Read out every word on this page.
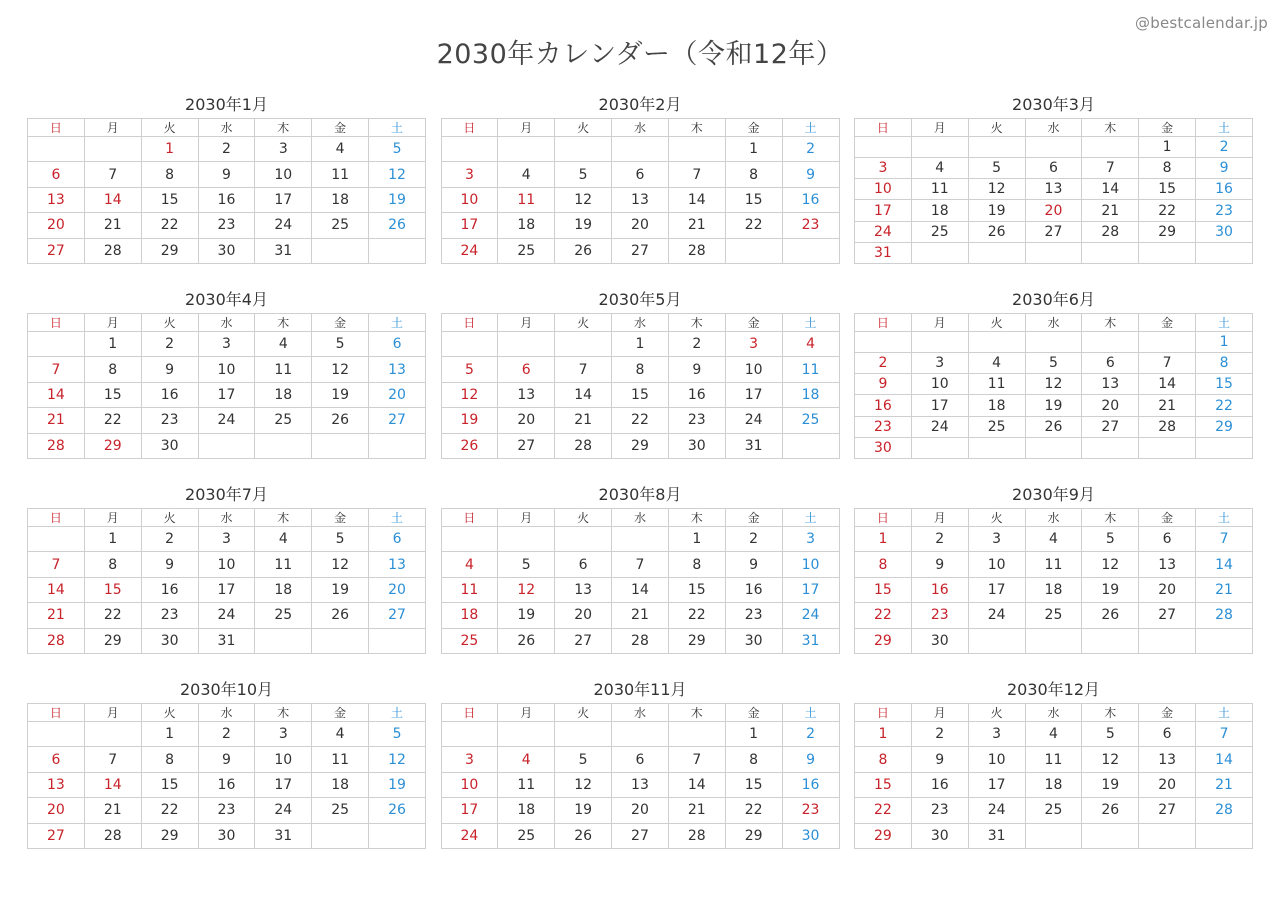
@bestcalendar.jp
2030年カレンダー（令和12年）
2030年1月
日	月	火	水	木	金	土
		1	2	3	4	5
6	7	8	9	10	11	12
13	14	15	16	17	18	19
20	21	22	23	24	25	26
27	28	29	30	31		
2030年2月
日	月	火	水	木	金	土
					1	2
3	4	5	6	7	8	9
10	11	12	13	14	15	16
17	18	19	20	21	22	23
24	25	26	27	28		
2030年3月
日	月	火	水	木	金	土
					1	2
3	4	5	6	7	8	9
10	11	12	13	14	15	16
17	18	19	20	21	22	23
24	25	26	27	28	29	30
31						
2030年4月
日	月	火	水	木	金	土
	1	2	3	4	5	6
7	8	9	10	11	12	13
14	15	16	17	18	19	20
21	22	23	24	25	26	27
28	29	30				
2030年5月
日	月	火	水	木	金	土
			1	2	3	4
5	6	7	8	9	10	11
12	13	14	15	16	17	18
19	20	21	22	23	24	25
26	27	28	29	30	31	
2030年6月
日	月	火	水	木	金	土
						1
2	3	4	5	6	7	8
9	10	11	12	13	14	15
16	17	18	19	20	21	22
23	24	25	26	27	28	29
30						
2030年7月
日	月	火	水	木	金	土
	1	2	3	4	5	6
7	8	9	10	11	12	13
14	15	16	17	18	19	20
21	22	23	24	25	26	27
28	29	30	31			
2030年8月
日	月	火	水	木	金	土
				1	2	3
4	5	6	7	8	9	10
11	12	13	14	15	16	17
18	19	20	21	22	23	24
25	26	27	28	29	30	31
2030年9月
日	月	火	水	木	金	土
1	2	3	4	5	6	7
8	9	10	11	12	13	14
15	16	17	18	19	20	21
22	23	24	25	26	27	28
29	30					
2030年10月
日	月	火	水	木	金	土
		1	2	3	4	5
6	7	8	9	10	11	12
13	14	15	16	17	18	19
20	21	22	23	24	25	26
27	28	29	30	31		
2030年11月
日	月	火	水	木	金	土
					1	2
3	4	5	6	7	8	9
10	11	12	13	14	15	16
17	18	19	20	21	22	23
24	25	26	27	28	29	30
2030年12月
日	月	火	水	木	金	土
1	2	3	4	5	6	7
8	9	10	11	12	13	14
15	16	17	18	19	20	21
22	23	24	25	26	27	28
29	30	31				
